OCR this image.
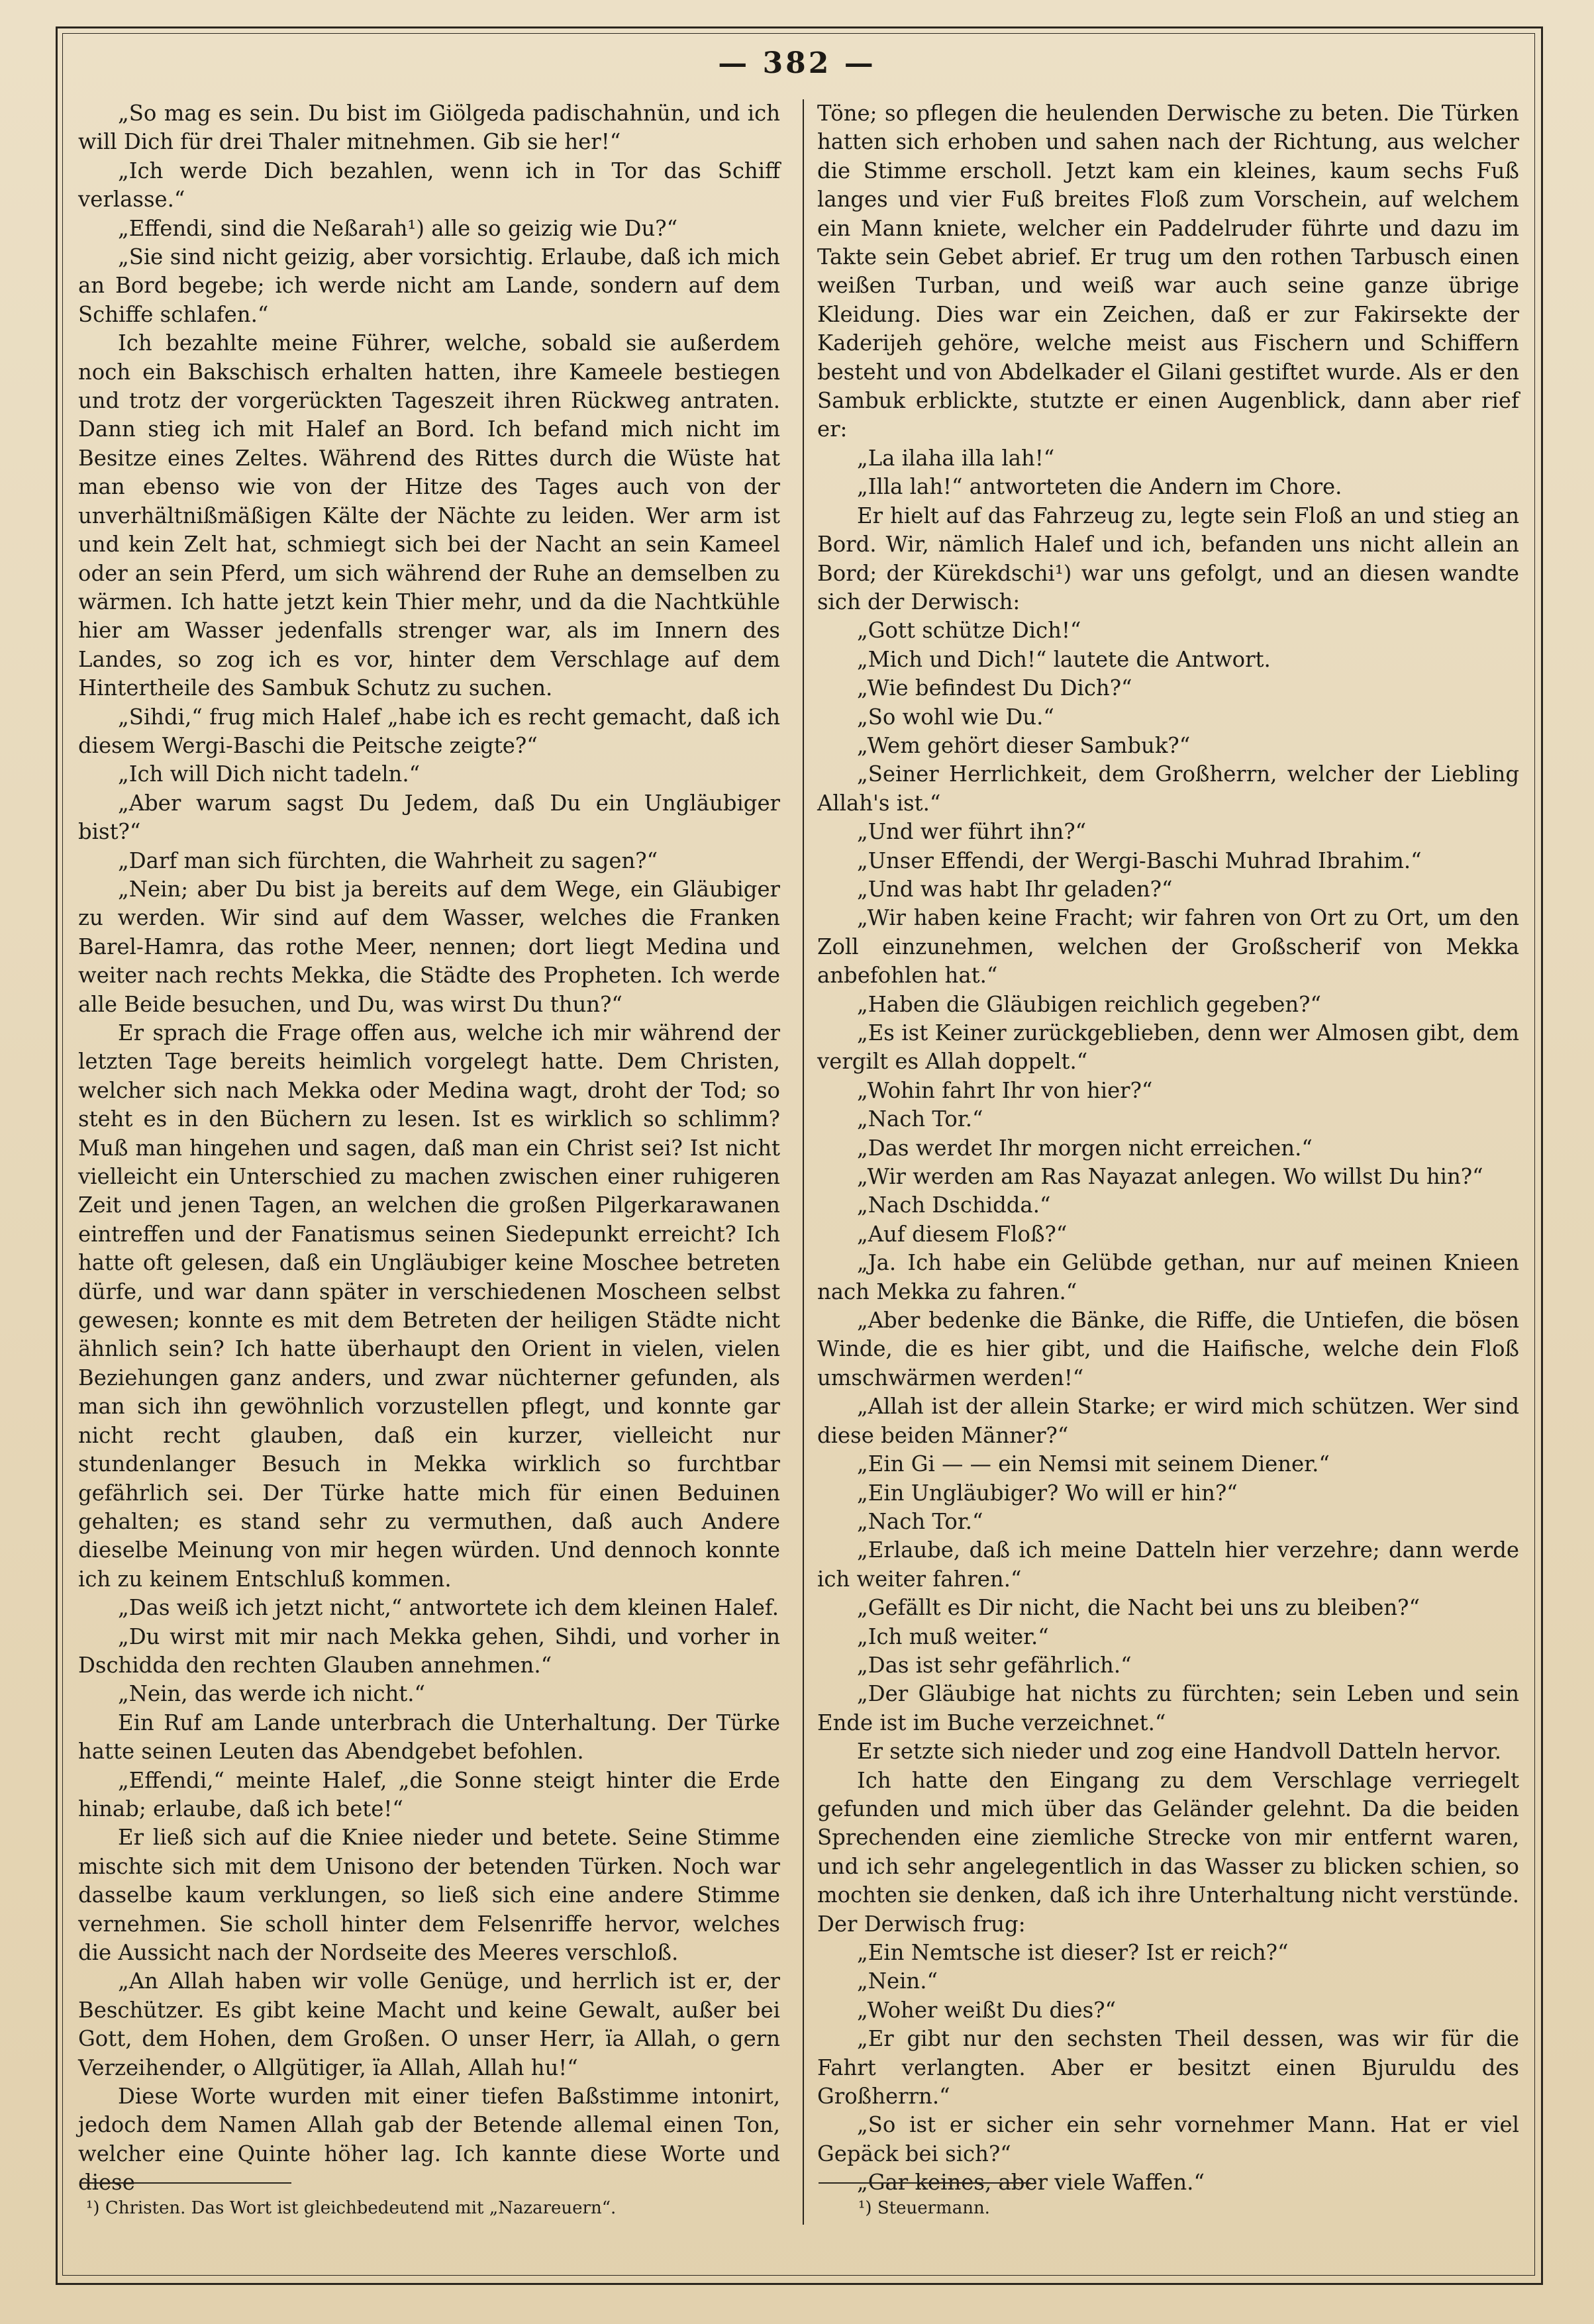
— 382 —

„So mag es sein. Du bist im Giölgeda padischahnün, und ich will Dich für drei Thaler mitnehmen. Gib sie her!“

„Ich werde Dich bezahlen, wenn ich in Tor das Schiff verlasse.“

„Effendi, sind die Neßarah¹) alle so geizig wie Du?“

„Sie sind nicht geizig, aber vorsichtig. Erlaube, daß ich mich an Bord begebe; ich werde nicht am Lande, sondern auf dem Schiffe schlafen.“

Ich bezahlte meine Führer, welche, sobald sie außerdem noch ein Bakschisch erhalten hatten, ihre Kameele bestiegen und trotz der vorgerückten Tageszeit ihren Rückweg antraten. Dann stieg ich mit Halef an Bord. Ich befand mich nicht im Besitze eines Zeltes. Während des Rittes durch die Wüste hat man ebenso wie von der Hitze des Tages auch von der unverhältnißmäßigen Kälte der Nächte zu leiden. Wer arm ist und kein Zelt hat, schmiegt sich bei der Nacht an sein Kameel oder an sein Pferd, um sich während der Ruhe an demselben zu wärmen. Ich hatte jetzt kein Thier mehr, und da die Nachtkühle hier am Wasser jedenfalls strenger war, als im Innern des Landes, so zog ich es vor, hinter dem Verschlage auf dem Hintertheile des Sambuk Schutz zu suchen.

„Sihdi,“ frug mich Halef „habe ich es recht gemacht, daß ich diesem Wergi-Baschi die Peitsche zeigte?“

„Ich will Dich nicht tadeln.“

„Aber warum sagst Du Jedem, daß Du ein Ungläubiger bist?“

„Darf man sich fürchten, die Wahrheit zu sagen?“

„Nein; aber Du bist ja bereits auf dem Wege, ein Gläubiger zu werden. Wir sind auf dem Wasser, welches die Franken Barel-Hamra, das rothe Meer, nennen; dort liegt Medina und weiter nach rechts Mekka, die Städte des Propheten. Ich werde alle Beide besuchen, und Du, was wirst Du thun?“

Er sprach die Frage offen aus, welche ich mir während der letzten Tage bereits heimlich vorgelegt hatte. Dem Christen, welcher sich nach Mekka oder Medina wagt, droht der Tod; so steht es in den Büchern zu lesen. Ist es wirklich so schlimm? Muß man hingehen und sagen, daß man ein Christ sei? Ist nicht vielleicht ein Unterschied zu machen zwischen einer ruhigeren Zeit und jenen Tagen, an welchen die großen Pilgerkarawanen eintreffen und der Fanatismus seinen Siedepunkt erreicht? Ich hatte oft gelesen, daß ein Ungläubiger keine Moschee betreten dürfe, und war dann später in verschiedenen Moscheen selbst gewesen; konnte es mit dem Betreten der heiligen Städte nicht ähnlich sein? Ich hatte überhaupt den Orient in vielen, vielen Beziehungen ganz anders, und zwar nüchterner gefunden, als man sich ihn gewöhnlich vorzustellen pflegt, und konnte gar nicht recht glauben, daß ein kurzer, vielleicht nur stundenlanger Besuch in Mekka wirklich so furchtbar gefährlich sei. Der Türke hatte mich für einen Beduinen gehalten; es stand sehr zu vermuthen, daß auch Andere dieselbe Meinung von mir hegen würden. Und dennoch konnte ich zu keinem Entschluß kommen.

„Das weiß ich jetzt nicht,“ antwortete ich dem kleinen Halef.

„Du wirst mit mir nach Mekka gehen, Sihdi, und vorher in Dschidda den rechten Glauben annehmen.“

„Nein, das werde ich nicht.“

Ein Ruf am Lande unterbrach die Unterhaltung. Der Türke hatte seinen Leuten das Abendgebet befohlen.

„Effendi,“ meinte Halef, „die Sonne steigt hinter die Erde hinab; erlaube, daß ich bete!“

Er ließ sich auf die Kniee nieder und betete. Seine Stimme mischte sich mit dem Unisono der betenden Türken. Noch war dasselbe kaum verklungen, so ließ sich eine andere Stimme vernehmen. Sie scholl hinter dem Felsenriffe hervor, welches die Aussicht nach der Nordseite des Meeres verschloß.

„An Allah haben wir volle Genüge, und herrlich ist er, der Beschützer. Es gibt keine Macht und keine Gewalt, außer bei Gott, dem Hohen, dem Großen. O unser Herr, ïa Allah, o gern Verzeihender, o Allgütiger, ïa Allah, Allah hu!“

Diese Worte wurden mit einer tiefen Baßstimme intonirt, jedoch dem Namen Allah gab der Betende allemal einen Ton, welcher eine Quinte höher lag. Ich kannte diese Worte und diese

Töne; so pflegen die heulenden Derwische zu beten. Die Türken hatten sich erhoben und sahen nach der Richtung, aus welcher die Stimme erscholl. Jetzt kam ein kleines, kaum sechs Fuß langes und vier Fuß breites Floß zum Vorschein, auf welchem ein Mann kniete, welcher ein Paddelruder führte und dazu im Takte sein Gebet abrief. Er trug um den rothen Tarbusch einen weißen Turban, und weiß war auch seine ganze übrige Kleidung. Dies war ein Zeichen, daß er zur Fakirsekte der Kaderijeh gehöre, welche meist aus Fischern und Schiffern besteht und von Abdelkader el Gilani gestiftet wurde. Als er den Sambuk erblickte, stutzte er einen Augenblick, dann aber rief er:

„La ilaha illa lah!“

„Illa lah!“ antworteten die Andern im Chore.

Er hielt auf das Fahrzeug zu, legte sein Floß an und stieg an Bord. Wir, nämlich Halef und ich, befanden uns nicht allein an Bord; der Kürekdschi¹) war uns gefolgt, und an diesen wandte sich der Derwisch:

„Gott schütze Dich!“

„Mich und Dich!“ lautete die Antwort.

„Wie befindest Du Dich?“

„So wohl wie Du.“

„Wem gehört dieser Sambuk?“

„Seiner Herrlichkeit, dem Großherrn, welcher der Liebling Allah's ist.“

„Und wer führt ihn?“

„Unser Effendi, der Wergi-Baschi Muhrad Ibrahim.“

„Und was habt Ihr geladen?“

„Wir haben keine Fracht; wir fahren von Ort zu Ort, um den Zoll einzunehmen, welchen der Großscherif von Mekka anbefohlen hat.“

„Haben die Gläubigen reichlich gegeben?“

„Es ist Keiner zurückgeblieben, denn wer Almosen gibt, dem vergilt es Allah doppelt.“

„Wohin fahrt Ihr von hier?“

„Nach Tor.“

„Das werdet Ihr morgen nicht erreichen.“

„Wir werden am Ras Nayazat anlegen. Wo willst Du hin?“

„Nach Dschidda.“

„Auf diesem Floß?“

„Ja. Ich habe ein Gelübde gethan, nur auf meinen Knieen nach Mekka zu fahren.“

„Aber bedenke die Bänke, die Riffe, die Untiefen, die bösen Winde, die es hier gibt, und die Haifische, welche dein Floß umschwärmen werden!“

„Allah ist der allein Starke; er wird mich schützen. Wer sind diese beiden Männer?“

„Ein Gi — — ein Nemsi mit seinem Diener.“

„Ein Ungläubiger? Wo will er hin?“

„Nach Tor.“

„Erlaube, daß ich meine Datteln hier verzehre; dann werde ich weiter fahren.“

„Gefällt es Dir nicht, die Nacht bei uns zu bleiben?“

„Ich muß weiter.“

„Das ist sehr gefährlich.“

„Der Gläubige hat nichts zu fürchten; sein Leben und sein Ende ist im Buche verzeichnet.“

Er setzte sich nieder und zog eine Handvoll Datteln hervor.

Ich hatte den Eingang zu dem Verschlage verriegelt gefunden und mich über das Geländer gelehnt. Da die beiden Sprechenden eine ziemliche Strecke von mir entfernt waren, und ich sehr angelegentlich in das Wasser zu blicken schien, so mochten sie denken, daß ich ihre Unterhaltung nicht verstünde. Der Derwisch frug:

„Ein Nemtsche ist dieser? Ist er reich?“

„Nein.“

„Woher weißt Du dies?“

„Er gibt nur den sechsten Theil dessen, was wir für die Fahrt verlangten. Aber er besitzt einen Bjuruldu des Großherrn.“

„So ist er sicher ein sehr vornehmer Mann. Hat er viel Gepäck bei sich?“

„Gar keines, aber viele Waffen.“

¹) Christen. Das Wort ist gleichbedeutend mit „Nazareuern“.	¹) Steuermann.
